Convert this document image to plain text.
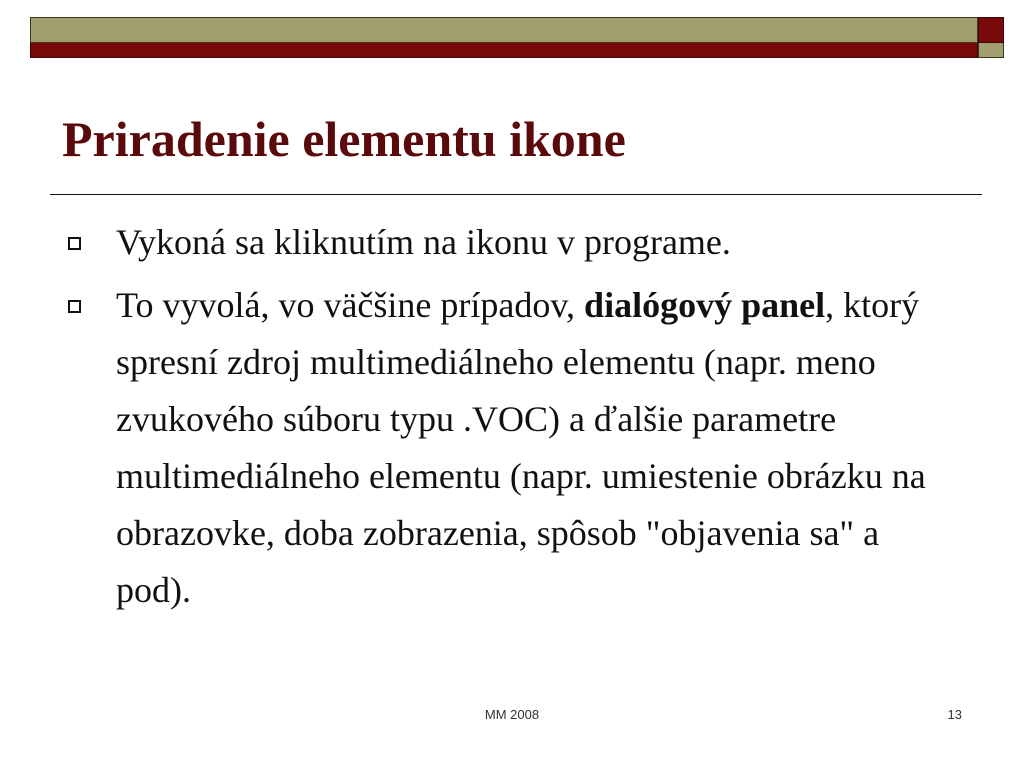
Priradenie elementu ikone
Vykoná sa kliknutím na ikonu v programe.
To vyvolá, vo väčšine prípadov, dialógový panel, ktorý spresní zdroj multimediálneho elementu (napr. meno zvukového súboru typu .VOC) a ďalšie parametre multimediálneho elementu (napr. umiestenie obrázku na obrazovke, doba zobrazenia, spôsob "objavenia sa" a pod).
MM 2008	13
